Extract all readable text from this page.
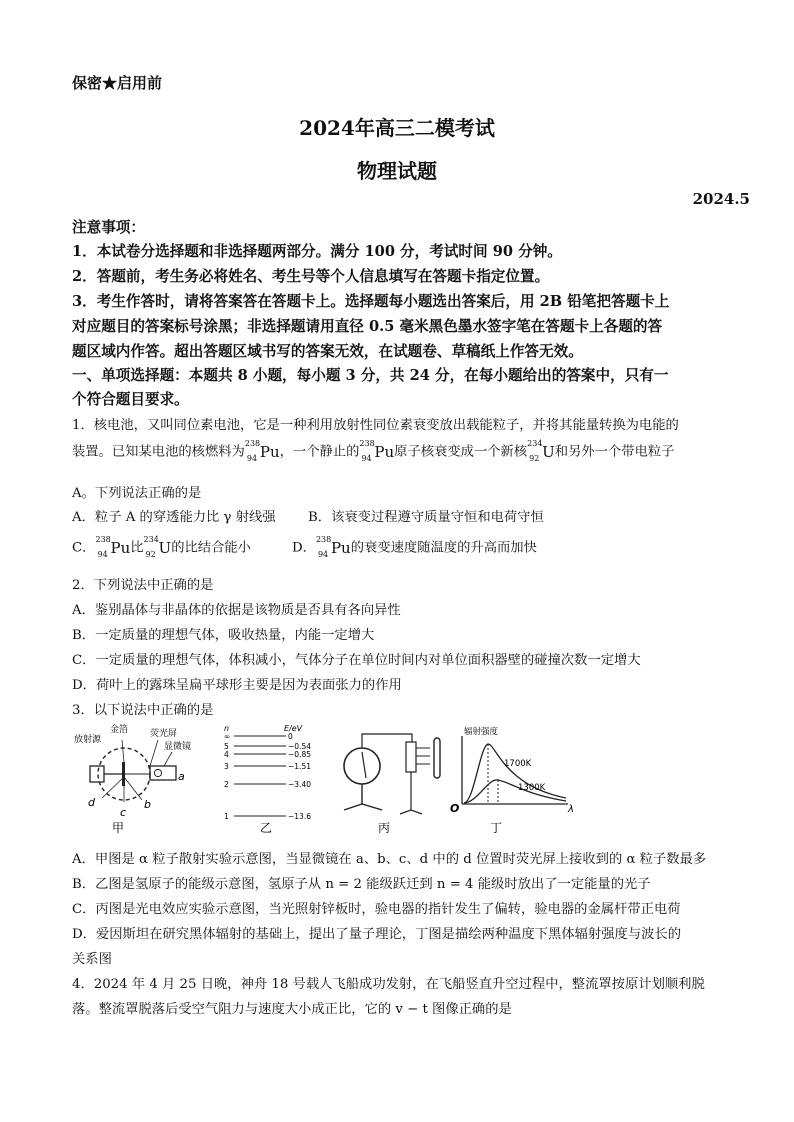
保密★启用前
2024年高三二模考试
物理试题
2024.5
注意事项：
1．本试卷分选择题和非选择题两部分。满分 100 分，考试时间 90 分钟。
2．答题前，考生务必将姓名、考生号等个人信息填写在答题卡指定位置。
3．考生作答时，请将答案答在答题卡上。选择题每小题选出答案后，用 2B 铅笔把答题卡上
对应题目的答案标号涂黑；非选择题请用直径 0.5 毫米黑色墨水签字笔在答题卡上各题的答
题区域内作答。超出答题区域书写的答案无效，在试题卷、草稿纸上作答无效。
一、单项选择题：本题共 8 小题，每小题 3 分，共 24 分，在每小题给出的答案中，只有一
个符合题目要求。
1．核电池，又叫同位素电池，它是一种利用放射性同位素衰变放出载能粒子，并将其能量转换为电能的
装置。已知某电池的核燃料为
238
94 Pu，一个静止的
238
94 Pu原子核衰变成一个新核
234
92 U和另外一个带电粒子
A。下列说法正确的是
A．粒子 A 的穿透能力比 γ 射线强 B．该衰变过程遵守质量守恒和电荷守恒
C．
238
94 Pu比
234
92 U的比结合能小	D．
238
94 Pu的衰变速度随温度的升高而加快
2．下列说法中正确的是
A．鉴别晶体与非晶体的依据是该物质是否具有各向异性
B．一定质量的理想气体，吸收热量，内能一定增大
C．一定质量的理想气体，体积减小，气体分子在单位时间内对单位面积器壁的碰撞次数一定增大
D．荷叶上的露珠呈扁平球形主要是因为表面张力的作用
3．以下说法中正确的是
放射源
金箔 荧光屏
显微镜
a
d	b
c
甲
n	E/eV
∞	0
5	−0.54
4	−0.85
3	−1.51
2	−3.40
1	−13.6
乙	丙
辐射强度
O	λ
1700K
1300K
丁
A．甲图是 α 粒子散射实验示意图，当显微镜在 a、b、c、d 中的 d 位置时荧光屏上接收到的 α 粒子数最多
B．乙图是氢原子的能级示意图，氢原子从 n = 2 能级跃迁到 n = 4 能级时放出了一定能量的光子
C．丙图是光电效应实验示意图，当光照射锌板时，验电器的指针发生了偏转，验电器的金属杆带正电荷
D．爱因斯坦在研究黑体辐射的基础上，提出了量子理论，丁图是描绘两种温度下黑体辐射强度与波长的
关系图
4．2024 年 4 月 25 日晚，神舟 18 号载人飞船成功发射，在飞船竖直升空过程中，整流罩按原计划顺利脱
落。整流罩脱落后受空气阻力与速度大小成正比，它的 v − t 图像正确的是
